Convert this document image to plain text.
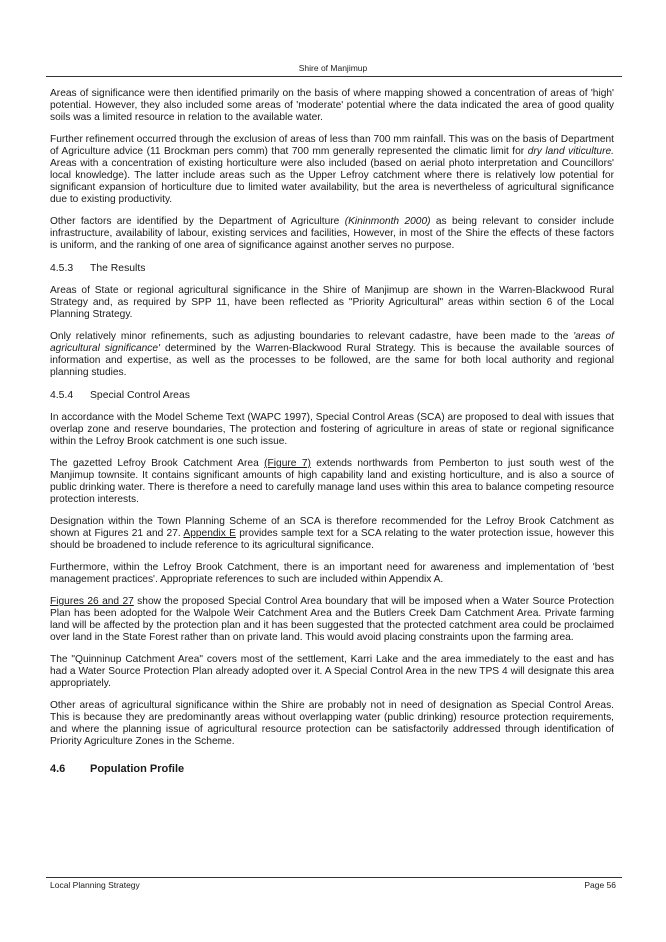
Shire of Manjimup

Areas of significance were then identified primarily on the basis of where mapping showed a concentration of areas of 'high' potential. However, they also included some areas of 'moderate' potential where the data indicated the area of good quality soils was a limited resource in relation to the available water.

Further refinement occurred through the exclusion of areas of less than 700 mm rainfall. This was on the basis of Department of Agriculture advice (11 Brockman pers comm) that 700 mm generally represented the climatic limit for dry land viticulture. Areas with a concentration of existing horticulture were also included (based on aerial photo interpretation and Councillors' local knowledge). The latter include areas such as the Upper Lefroy catchment where there is relatively low potential for significant expansion of horticulture due to limited water availability, but the area is nevertheless of agricultural significance due to existing productivity.

Other factors are identified by the Department of Agriculture (Kininmonth 2000) as being relevant to consider include infrastructure, availability of labour, existing services and facilities, However, in most of the Shire the effects of these factors is uniform, and the ranking of one area of significance against another serves no purpose.

4.5.3 The Results

Areas of State or regional agricultural significance in the Shire of Manjimup are shown in the Warren-Blackwood Rural Strategy and, as required by SPP 11, have been reflected as "Priority Agricultural" areas within section 6 of the Local Planning Strategy.

Only relatively minor refinements, such as adjusting boundaries to relevant cadastre, have been made to the 'areas of agricultural significance' determined by the Warren-Blackwood Rural Strategy. This is because the available sources of information and expertise, as well as the processes to be followed, are the same for both local authority and regional planning studies.

4.5.4 Special Control Areas

In accordance with the Model Scheme Text (WAPC 1997), Special Control Areas (SCA) are proposed to deal with issues that overlap zone and reserve boundaries, The protection and fostering of agriculture in areas of state or regional significance within the Lefroy Brook catchment is one such issue.

The gazetted Lefroy Brook Catchment Area (Figure 7) extends northwards from Pemberton to just south west of the Manjimup townsite. It contains significant amounts of high capability land and existing horticulture, and is also a source of public drinking water. There is therefore a need to carefully manage land uses within this area to balance competing resource protection interests.

Designation within the Town Planning Scheme of an SCA is therefore recommended for the Lefroy Brook Catchment as shown at Figures 21 and 27. Appendix E provides sample text for a SCA relating to the water protection issue, however this should be broadened to include reference to its agricultural significance.

Furthermore, within the Lefroy Brook Catchment, there is an important need for awareness and implementation of 'best management practices'. Appropriate references to such are included within Appendix A.

Figures 26 and 27 show the proposed Special Control Area boundary that will be imposed when a Water Source Protection Plan has been adopted for the Walpole Weir Catchment Area and the Butlers Creek Dam Catchment Area. Private farming land will be affected by the protection plan and it has been suggested that the protected catchment area could be proclaimed over land in the State Forest rather than on private land. This would avoid placing constraints upon the farming area.

The "Quinninup Catchment Area" covers most of the settlement, Karri Lake and the area immediately to the east and has had a Water Source Protection Plan already adopted over it. A Special Control Area in the new TPS 4 will designate this area appropriately.

Other areas of agricultural significance within the Shire are probably not in need of designation as Special Control Areas. This is because they are predominantly areas without overlapping water (public drinking) resource protection requirements, and where the planning issue of agricultural resource protection can be satisfactorily addressed through identification of Priority Agriculture Zones in the Scheme.

4.6 Population Profile
Local Planning Strategy	Page 56
